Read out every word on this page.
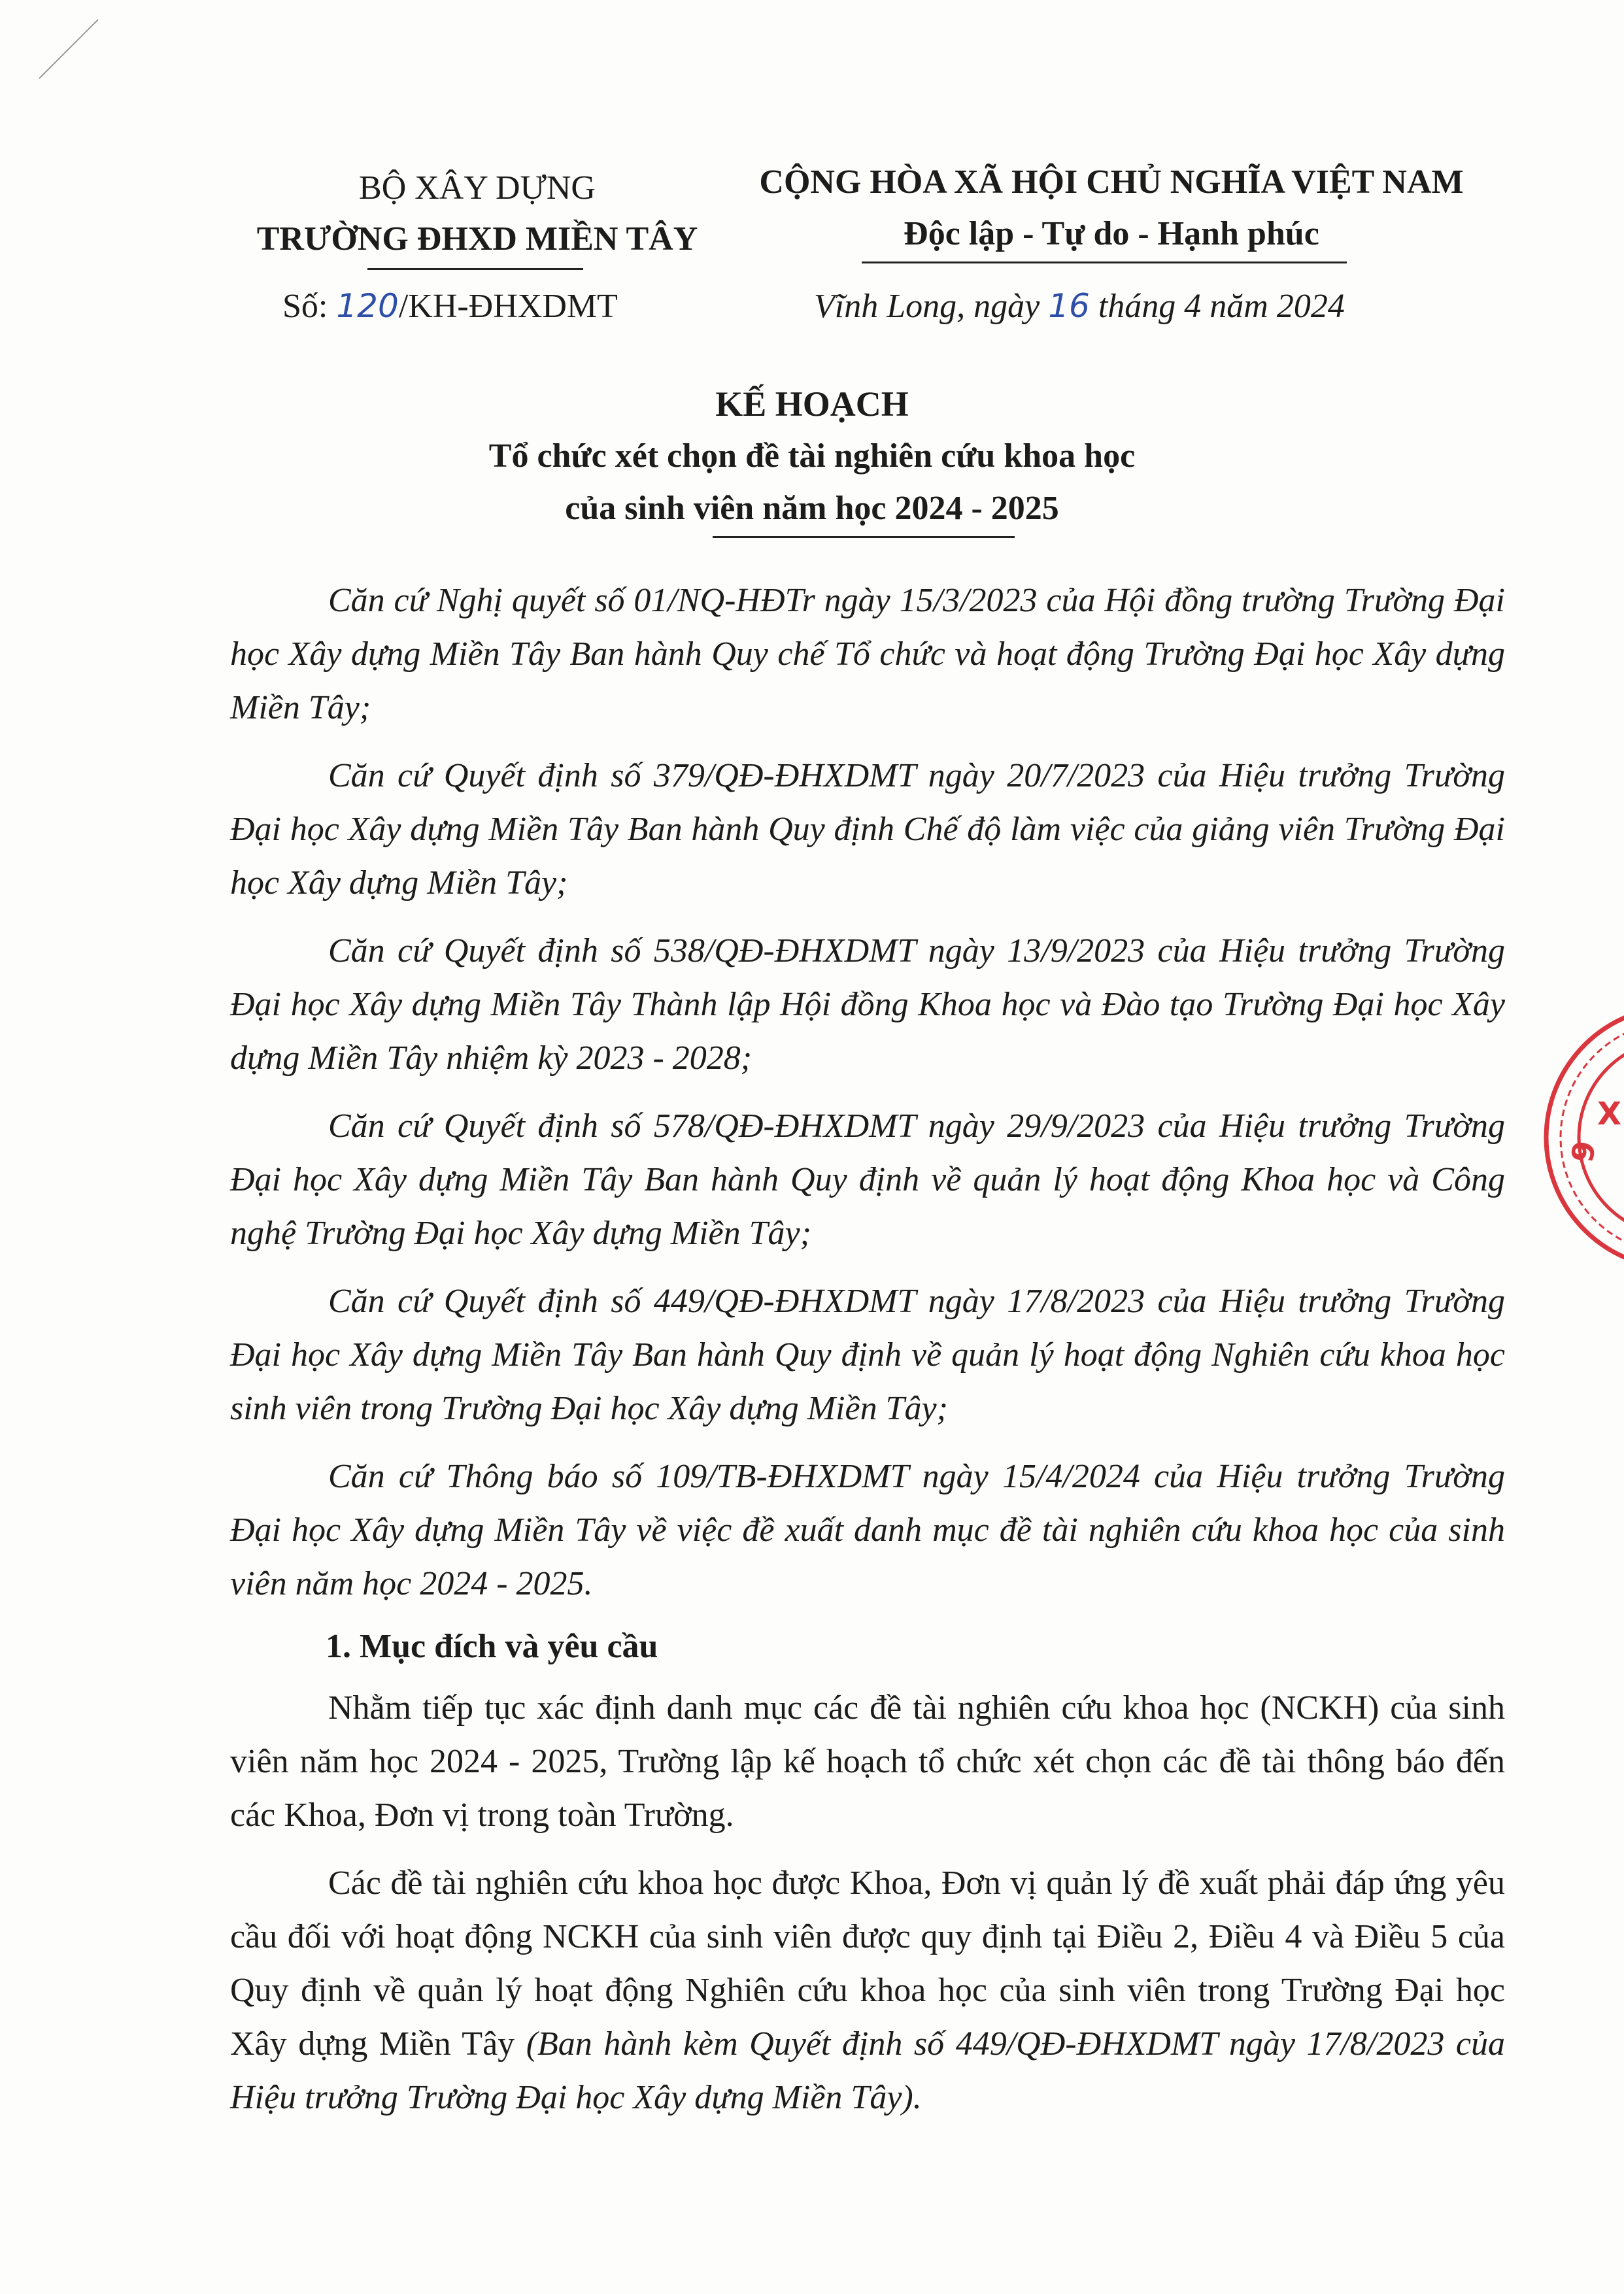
BỘ XÂY DỰNG
TRƯỜNG ĐHXD MIỀN TÂY
Số: 120/KH-ĐHXDMT
CỘNG HÒA XÃ HỘI CHỦ NGHĨA VIỆT NAM
Độc lập - Tự do - Hạnh phúc
Vĩnh Long, ngày 16 tháng 4 năm 2024
KẾ HOẠCH
Tổ chức xét chọn đề tài nghiên cứu khoa học
của sinh viên năm học 2024 - 2025
Căn cứ Nghị quyết số 01/NQ-HĐTr ngày 15/3/2023 của Hội đồng trường Trường Đại học Xây dựng Miền Tây Ban hành Quy chế Tổ chức và hoạt động Trường Đại học Xây dựng Miền Tây;
Căn cứ Quyết định số 379/QĐ-ĐHXDMT ngày 20/7/2023 của Hiệu trưởng Trường Đại học Xây dựng Miền Tây Ban hành Quy định Chế độ làm việc của giảng viên Trường Đại học Xây dựng Miền Tây;
Căn cứ Quyết định số 538/QĐ-ĐHXDMT ngày 13/9/2023 của Hiệu trưởng Trường Đại học Xây dựng Miền Tây Thành lập Hội đồng Khoa học và Đào tạo Trường Đại học Xây dựng Miền Tây nhiệm kỳ 2023 - 2028;
Căn cứ Quyết định số 578/QĐ-ĐHXDMT ngày 29/9/2023 của Hiệu trưởng Trường Đại học Xây dựng Miền Tây Ban hành Quy định về quản lý hoạt động Khoa học và Công nghệ Trường Đại học Xây dựng Miền Tây;
Căn cứ Quyết định số 449/QĐ-ĐHXDMT ngày 17/8/2023 của Hiệu trưởng Trường Đại học Xây dựng Miền Tây Ban hành Quy định về quản lý hoạt động Nghiên cứu khoa học sinh viên trong Trường Đại học Xây dựng Miền Tây;
Căn cứ Thông báo số 109/TB-ĐHXDMT ngày 15/4/2024 của Hiệu trưởng Trường Đại học Xây dựng Miền Tây về việc đề xuất danh mục đề tài nghiên cứu khoa học của sinh viên năm học 2024 - 2025.
1. Mục đích và yêu cầu
Nhằm tiếp tục xác định danh mục các đề tài nghiên cứu khoa học (NCKH) của sinh viên năm học 2024 - 2025, Trường lập kế hoạch tổ chức xét chọn các đề tài thông báo đến các Khoa, Đơn vị trong toàn Trường.
Các đề tài nghiên cứu khoa học được Khoa, Đơn vị quản lý đề xuất phải đáp ứng yêu cầu đối với hoạt động NCKH của sinh viên được quy định tại Điều 2, Điều 4 và Điều 5 của Quy định về quản lý hoạt động Nghiên cứu khoa học của sinh viên trong Trường Đại học Xây dựng Miền Tây (Ban hành kèm Quyết định số 449/QĐ-ĐHXDMT ngày 17/8/2023 của Hiệu trưởng Trường Đại học Xây dựng Miền Tây).
9
X
